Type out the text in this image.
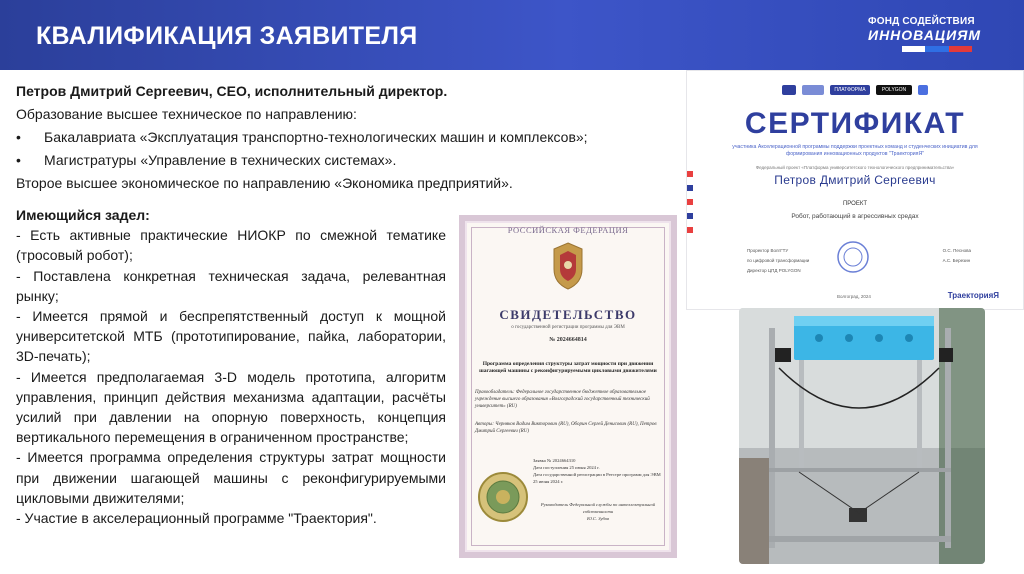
КВАЛИФИКАЦИЯ ЗАЯВИТЕЛЯ
ФОНД СОДЕЙСТВИЯ
ИННОВАЦИЯМ
Петров Дмитрий Сергеевич, CEO, исполнительный директор.
Образование высшее техническое по направлению:
•	Бакалавриата «Эксплуатация транспортно-технологических машин и комплексов»;
•	Магистратуры «Управление в технических системах».
Второе высшее экономическое по направлению «Экономика предприятий».

Имеющийся задел:

- Есть активные практические НИОКР по смежной тематике (тросовый робот);

- Поставлена конкретная техническая задача, релевантная рынку;

- Имеется прямой и беспрепятственный доступ к мощной университетской МТБ (прототипирование, пайка, лаборатории, 3D-печать);

- Имеется предполагаемая 3-D модель прототипа, алгоритм управления, принцип действия механизма адаптации, расчёты усилий при давлении на опорную поверхность, концепция вертикального перемещения в ограниченном пространстве;

- Имеется программа определения структуры затрат мощности при движении шагающей машины с реконфигурируемыми цикловыми движителями;

- Участие в акселерационный программе "Траектория".

РОССИЙСКАЯ ФЕДЕРАЦИЯ
СВИДЕТЕЛЬСТВО
о государственной регистрации программы для ЭВМ
№ 2024664814
Программа определения структуры затрат мощности при движении шагающей машины с реконфигурируемыми цикловыми движителями
Правообладатель: Федеральное государственное бюджетное образовательное учреждение высшего образования «Волгоградский государственный технический университет» (RU)
Авторы: Черняков Вадим Викторович (RU), Оборин Сергей Денисович (RU), Петров Дмитрий Сергеевич (RU)
Заявка № 2024664310
Дата поступления 25 июня 2024 г.
Дата государственной регистрации в Реестре программ для ЭВМ 25 июня 2024 г.
Руководитель Федеральной службы по интеллектуальной собственности
Ю.С. Зубов
ПЛАТФОРМА НТИ
POLYGON
СЕРТИФИКАТ
участника Акселерационной программы поддержки проектных команд и студенческих инициатив для формирования инновационных продуктов "ТраекторияЯ"
Федеральный проект «Платформа университетского технологического предпринимательства»
Петров Дмитрий Сергеевич
ПРОЕКТ
Робот, работающий в агрессивных средах
Проректор ВолгГТУ
по цифровой трансформации
Директор ЦПД POLYGON
О.С. Песнова
А.С. Березин
Волгоград, 2024	ТраекторияЯ
